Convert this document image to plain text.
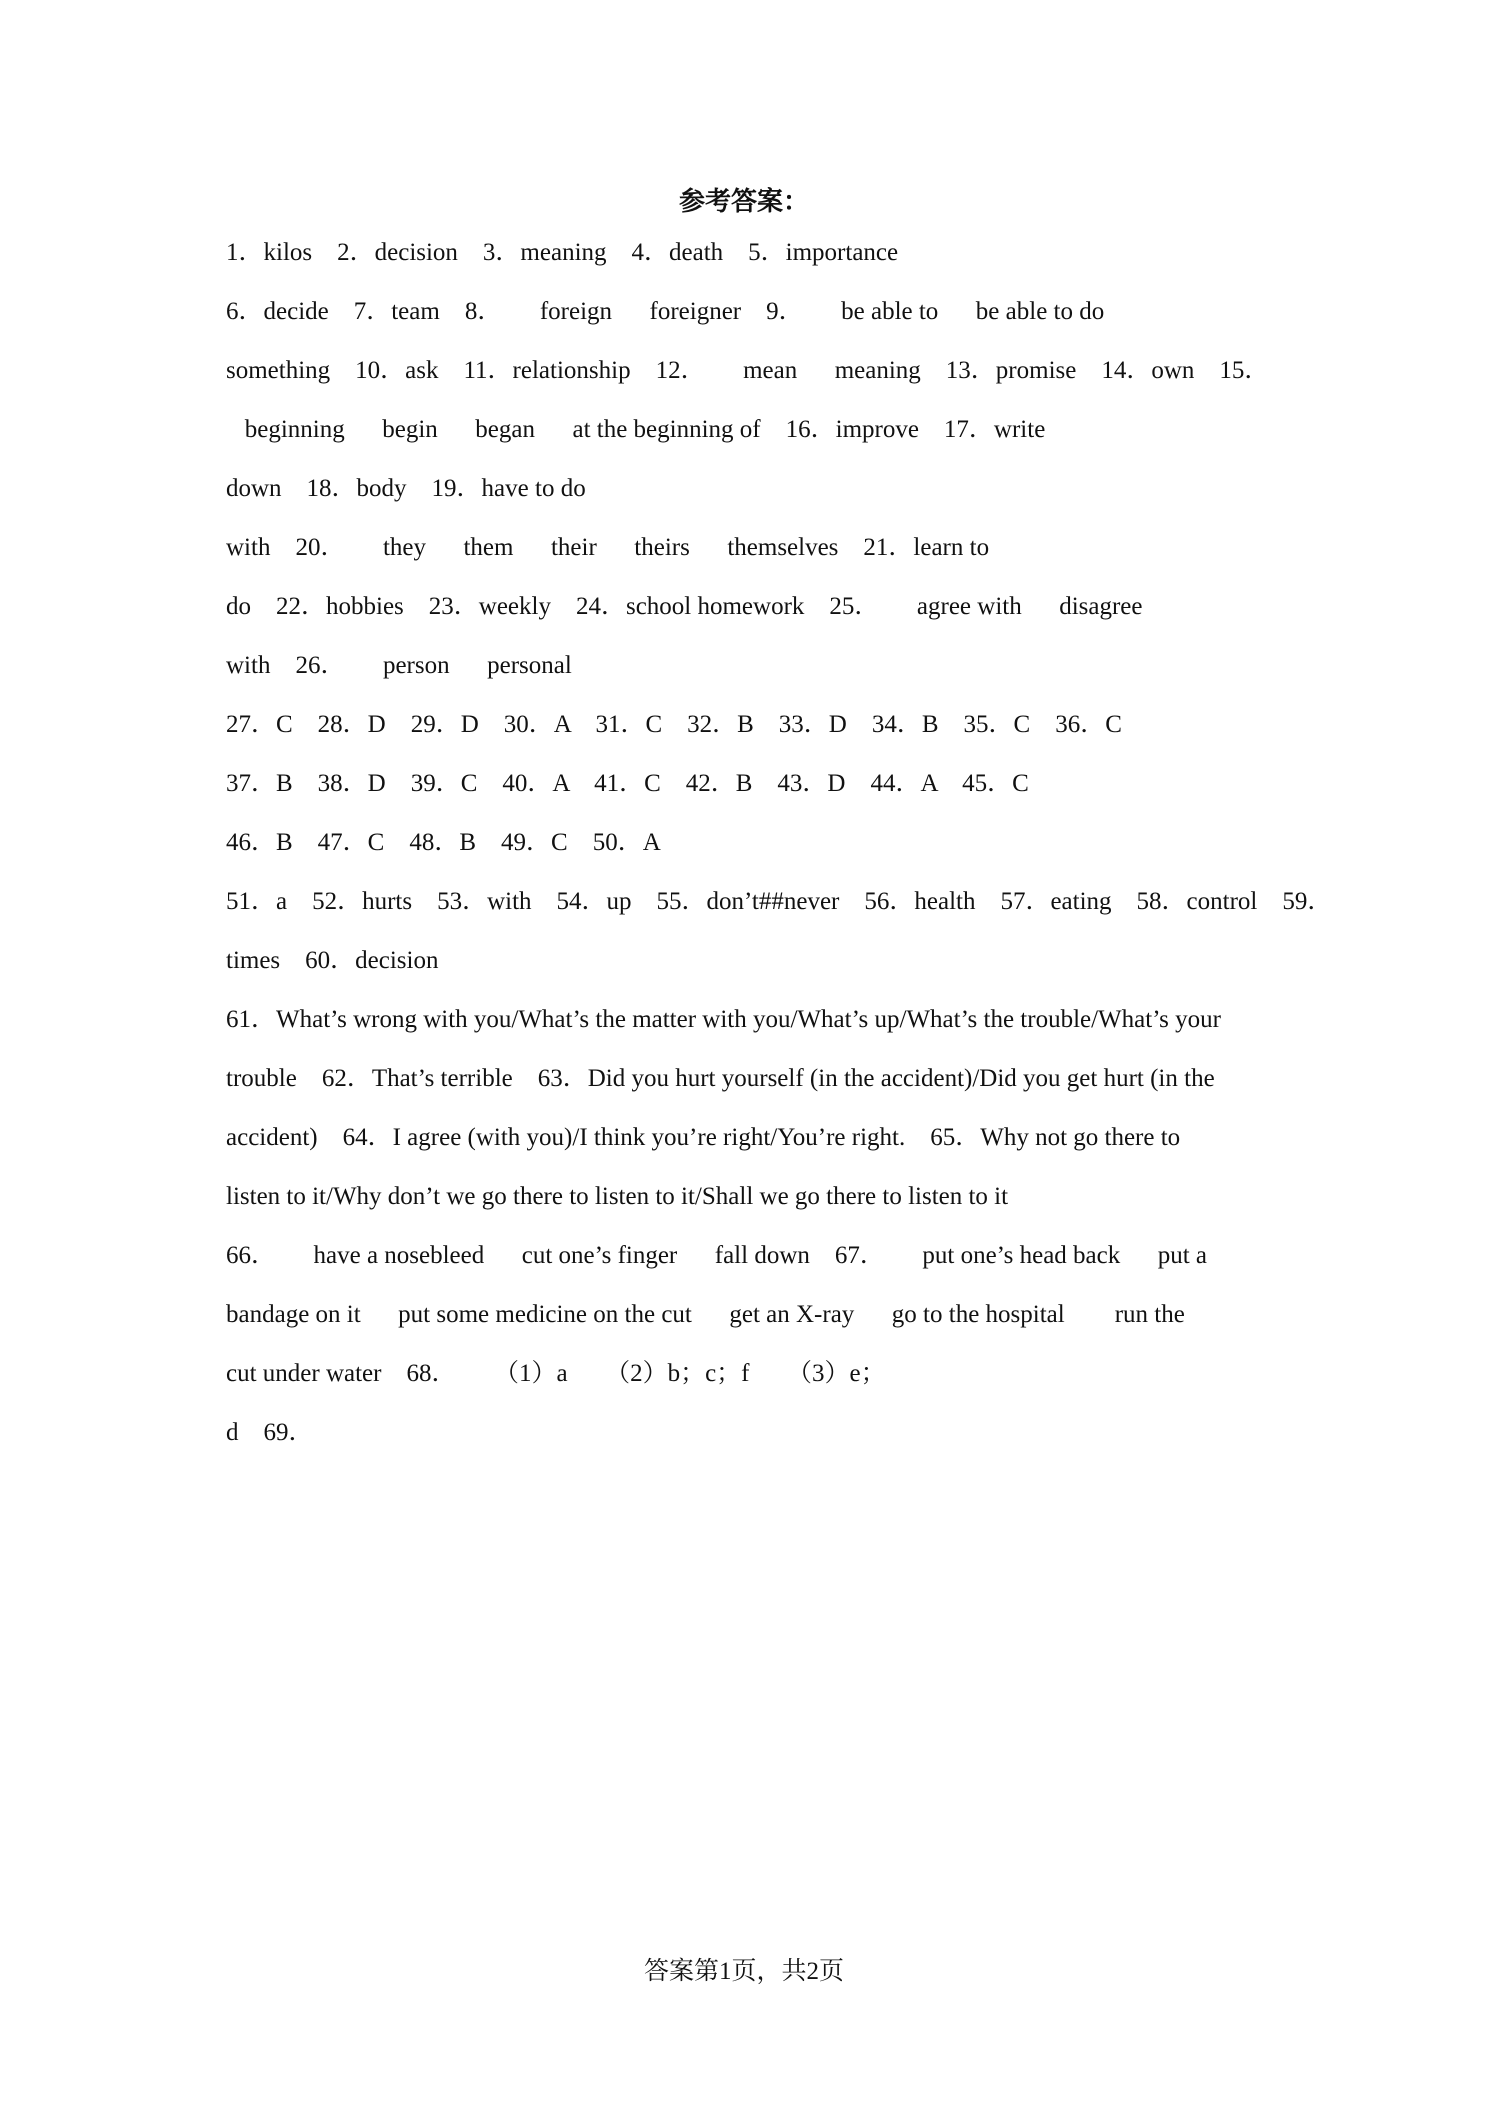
参考答案：
1．kilos    2．decision    3．meaning    4．death    5．importance
6．decide    7．team    8．      foreign      foreigner    9．      be able to      be able to do
something    10．ask    11．relationship    12．      mean      meaning    13．promise    14．own    15．
beginning      begin      began      at the beginning of    16．improve    17．write
down    18．body    19．have to do
with    20．      they      them      their      theirs      themselves    21．learn to
do    22．hobbies    23．weekly    24．school homework    25．      agree with      disagree
with    26．      person      personal
27．C    28．D    29．D    30．A    31．C    32．B    33．D    34．B    35．C    36．C
37．B    38．D    39．C    40．A    41．C    42．B    43．D    44．A    45．C
46．B    47．C    48．B    49．C    50．A
51．a    52．hurts    53．with    54．up    55．don’t##never    56．health    57．eating    58．control    59．
times    60．decision
61．What’s wrong with you/What’s the matter with you/What’s up/What’s the trouble/What’s your
trouble    62．That’s terrible    63．Did you hurt yourself (in the accident)/Did you get hurt (in the
accident)    64．I agree (with you)/I think you’re right/You’re right.    65．Why not go there to
listen to it/Why don’t we go there to listen to it/Shall we go there to listen to it
66．      have a nosebleed      cut one’s finger      fall down    67．      put one’s head back      put a
bandage on it      put some medicine on the cut      get an X-ray      go to the hospital        run the
cut under water    68．      （1）a      （2）b；c；f      （3）e；
d    69．
答案第1页，共2页
